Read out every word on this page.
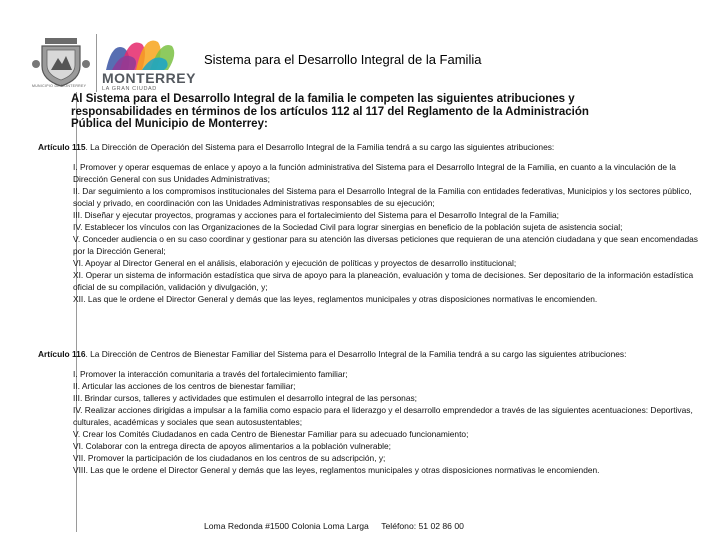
MUNICIPIO DE MONTERREY MONTERREY
LA GRAN CIUDAD
Sistema para el Desarrollo Integral de la Familia
Al Sistema para el Desarrollo Integral de la familia le competen las siguientes atribuciones y responsabilidades en términos de los artículos 112 al 117 del Reglamento de la Administración Pública del Municipio de Monterrey:

Artículo 115. La Dirección de Operación del Sistema para el Desarrollo Integral de la Familia tendrá a su cargo las siguientes atribuciones:

I. Promover y operar esquemas de enlace y apoyo a la función administrativa del Sistema para el Desarrollo Integral de la Familia, en cuanto a la vinculación de la Dirección General con sus Unidades Administrativas;
II. Dar seguimiento a los compromisos institucionales del Sistema para el Desarrollo Integral de la Familia con entidades federativas, Municipios y los sectores público, social y privado, en coordinación con las Unidades Administrativas responsables de su ejecución;
III. Diseñar y ejecutar proyectos, programas y acciones para el fortalecimiento del Sistema para el Desarrollo Integral de la Familia;
IV. Establecer los vínculos con las Organizaciones de la Sociedad Civil para lograr sinergias en beneficio de la población sujeta de asistencia social;
V. Conceder audiencia o en su caso coordinar y gestionar para su atención las diversas peticiones que requieran de una atención ciudadana y que sean encomendadas por la Dirección General;
VI. Apoyar al Director General en el análisis, elaboración y ejecución de políticas y proyectos de desarrollo institucional;
XI. Operar un sistema de información estadística que sirva de apoyo para la planeación, evaluación y toma de decisiones. Ser depositario de la información estadística oficial de su compilación, validación y divulgación, y;
XII. Las que le ordene el Director General y demás que las leyes, reglamentos municipales y otras disposiciones normativas le encomienden.

Artículo 116. La Dirección de Centros de Bienestar Familiar del Sistema para el Desarrollo Integral de la Familia tendrá a su cargo las siguientes atribuciones:

I. Promover la interacción comunitaria a través del fortalecimiento familiar;
II. Articular las acciones de los centros de bienestar familiar;
III. Brindar cursos, talleres y actividades que estimulen el desarrollo integral de las personas;
IV. Realizar acciones dirigidas a impulsar a la familia como espacio para el liderazgo y el desarrollo emprendedor a través de las siguientes acentuaciones: Deportivas, culturales, académicas y sociales que sean autosustentables;
V. Crear los Comités Ciudadanos en cada Centro de Bienestar Familiar para su adecuado funcionamiento;
VI. Colaborar con la entrega directa de apoyos alimentarios a la población vulnerable;
VII. Promover la participación de los ciudadanos en los centros de su adscripción, y;
VIII. Las que le ordene el Director General y demás que las leyes, reglamentos municipales y otras disposiciones normativas le encomienden.
Loma Redonda #1500 Colonia Loma Larga Teléfono: 51 02 86 00
